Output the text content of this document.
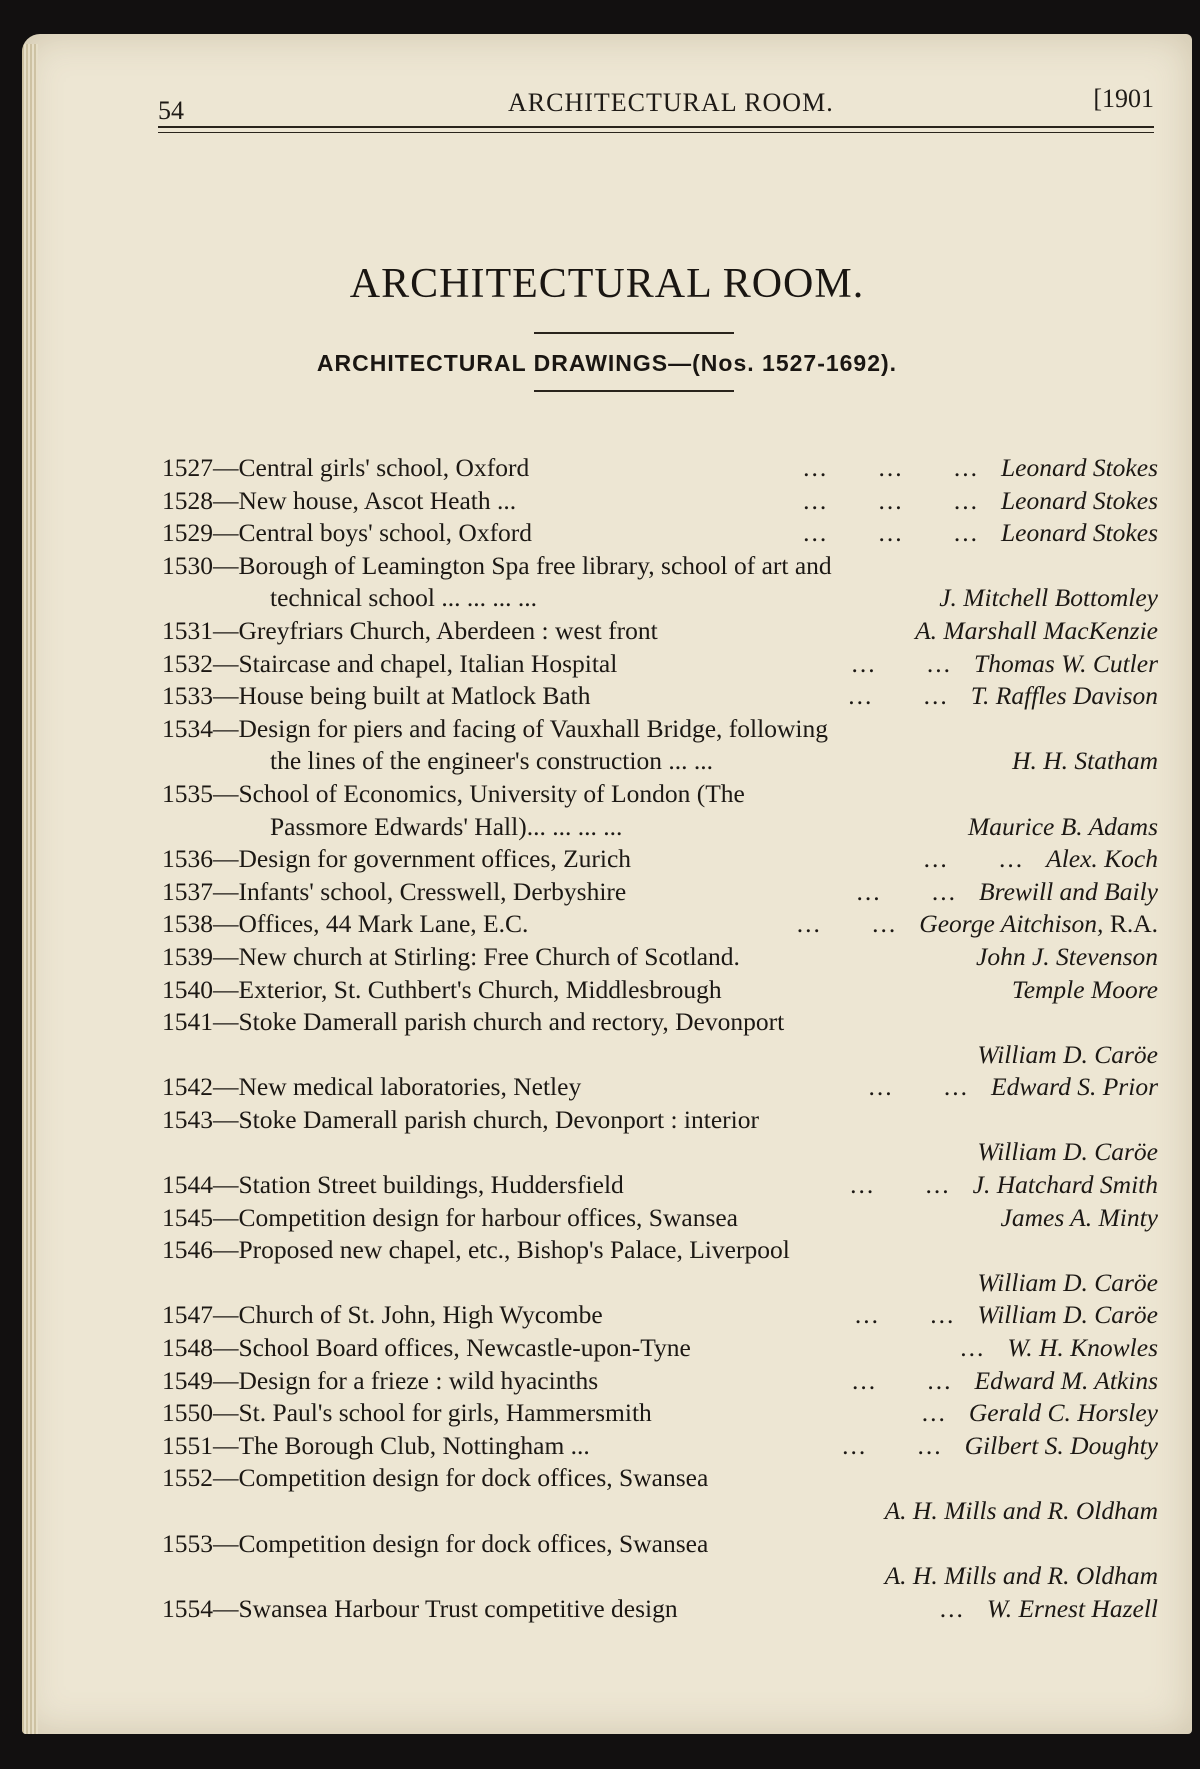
54	ARCHITECTURAL ROOM.	[1901
ARCHITECTURAL ROOM.
ARCHITECTURAL DRAWINGS—(Nos. 1527-1692).
1527—Central girls' school, Oxford	...      ...      ... Leonard Stokes
1528—New house, Ascot Heath ...	...      ...      ... Leonard Stokes
1529—Central boys' school, Oxford	...      ...      ... Leonard Stokes
1530—Borough of Leamington Spa free library, school of art and
technical school ... ... ... ...	J. Mitchell Bottomley
1531—Greyfriars Church, Aberdeen : west front	A. Marshall MacKenzie
1532—Staircase and chapel, Italian Hospital	...      ... Thomas W. Cutler
1533—House being built at Matlock Bath	...      ... T. Raffles Davison
1534—Design for piers and facing of Vauxhall Bridge, following
the lines of the engineer's construction ... ...	H. H. Statham
1535—School of Economics, University of London (The
Passmore Edwards' Hall)... ... ... ...	Maurice B. Adams
1536—Design for government offices, Zurich	...      ... Alex. Koch
1537—Infants' school, Cresswell, Derbyshire	...      ... Brewill and Baily
1538—Offices, 44 Mark Lane, E.C.	...      ... George Aitchison, R.A.
1539—New church at Stirling: Free Church of Scotland.	John J. Stevenson
1540—Exterior, St. Cuthbert's Church, Middlesbrough	Temple Moore
1541—Stoke Damerall parish church and rectory, Devonport
William D. Caröe
1542—New medical laboratories, Netley	...      ... Edward S. Prior
1543—Stoke Damerall parish church, Devonport : interior
William D. Caröe
1544—Station Street buildings, Huddersfield	...      ... J. Hatchard Smith
1545—Competition design for harbour offices, Swansea	James A. Minty
1546—Proposed new chapel, etc., Bishop's Palace, Liverpool
William D. Caröe
1547—Church of St. John, High Wycombe	...      ... William D. Caröe
1548—School Board offices, Newcastle-upon-Tyne	... W. H. Knowles
1549—Design for a frieze : wild hyacinths	...      ... Edward M. Atkins
1550—St. Paul's school for girls, Hammersmith	... Gerald C. Horsley
1551—The Borough Club, Nottingham ...	...      ... Gilbert S. Doughty
1552—Competition design for dock offices, Swansea
A. H. Mills and R. Oldham
1553—Competition design for dock offices, Swansea
A. H. Mills and R. Oldham
1554—Swansea Harbour Trust competitive design	... W. Ernest Hazell
